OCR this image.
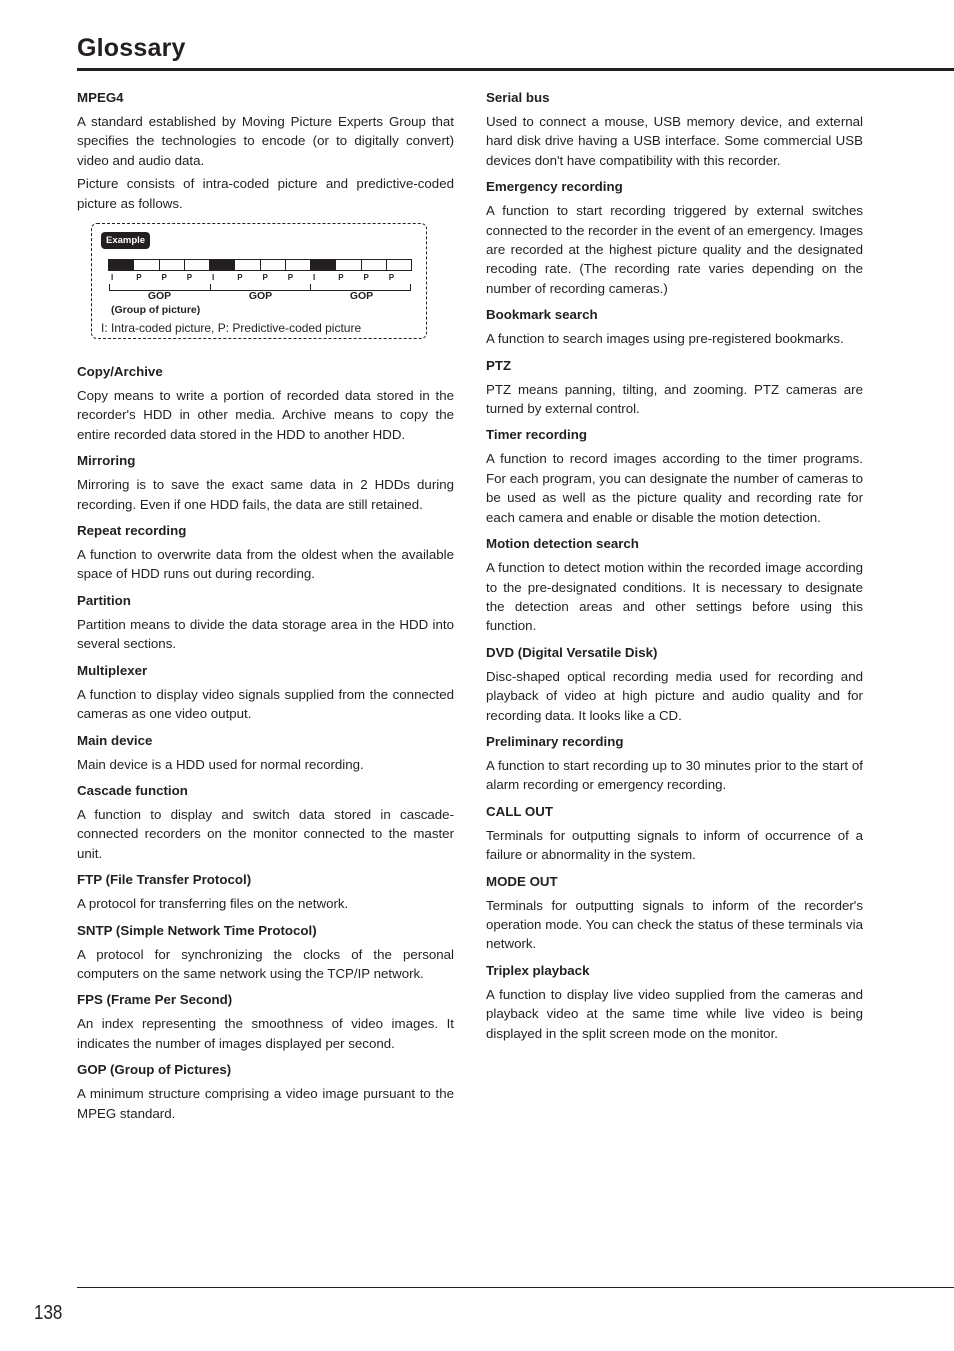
Glossary
MPEG4
A standard established by Moving Picture Experts Group that specifies the technologies to encode (or to digitally convert) video and audio data.
Picture consists of intra-coded picture and predictive-coded picture as follows.
Example
I	P	P	P	I	P	P	P	I	P	P	P
GOP	GOP	GOP
(Group of picture)
I: Intra-coded picture, P: Predictive-coded picture
Copy/Archive
Copy means to write a portion of recorded data stored in the recorder's HDD in other media. Archive means to copy the entire recorded data stored in the HDD to another HDD.
Mirroring
Mirroring is to save the exact same data in 2 HDDs during recording. Even if one HDD fails, the data are still retained.
Repeat recording
A function to overwrite data from the oldest when the available space of HDD runs out during recording.
Partition
Partition means to divide the data storage area in the HDD into several sections.
Multiplexer
A function to display video signals supplied from the connected cameras as one video output.
Main device
Main device is a HDD used for normal recording.
Cascade function
A function to display and switch data stored in cascade-connected recorders on the monitor connected to the master unit.
FTP (File Transfer Protocol)
A protocol for transferring files on the network.
SNTP (Simple Network Time Protocol)
A protocol for synchronizing the clocks of the personal computers on the same network using the TCP/IP network.
FPS (Frame Per Second)
An index representing the smoothness of video images. It indicates the number of images displayed per second.
GOP (Group of Pictures)
A minimum structure comprising a video image pursuant to the MPEG standard.
Serial bus
Used to connect a mouse, USB memory device, and external hard disk drive having a USB interface. Some commercial USB devices don't have compatibility with this recorder.
Emergency recording
A function to start recording triggered by external switches connected to the recorder in the event of an emergency. Images are recorded at the highest picture quality and the designated recoding rate. (The recording rate varies depending on the number of recording cameras.)
Bookmark search
A function to search images using pre-registered bookmarks.
PTZ
PTZ means panning, tilting, and zooming. PTZ cameras are turned by external control.
Timer recording
A function to record images according to the timer programs. For each program, you can designate the number of cameras to be used as well as the picture quality and recording rate for each camera and enable or disable the motion detection.
Motion detection search
A function to detect motion within the recorded image according to the pre-designated conditions. It is necessary to designate the detection areas and other settings before using this function.
DVD (Digital Versatile Disk)
Disc-shaped optical recording media used for recording and playback of video at high picture and audio quality and for recording data. It looks like a CD.
Preliminary recording
A function to start recording up to 30 minutes prior to the start of alarm recording or emergency recording.
CALL OUT
Terminals for outputting signals to inform of occurrence of a failure or abnormality in the system.
MODE OUT
Terminals for outputting signals to inform of the recorder's operation mode. You can check the status of these terminals via network.
Triplex playback
A function to display live video supplied from the cameras and playback video at the same time while live video is being displayed in the split screen mode on the monitor.
138
